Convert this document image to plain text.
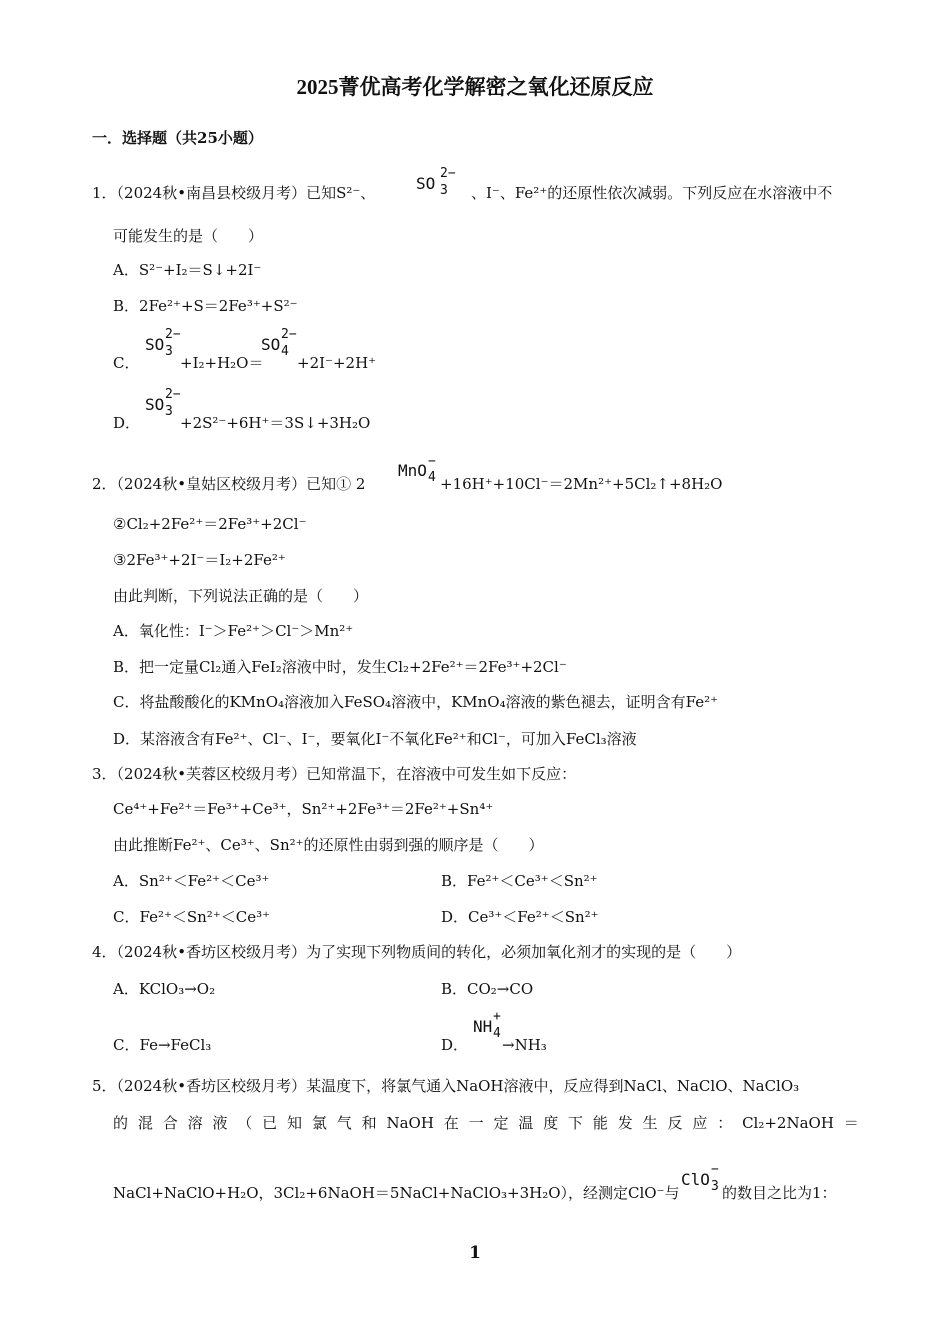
2025菁优高考化学解密之氧化还原反应
一．选择题（共25小题）
1．（2024秋•南昌县校级月考）已知S²⁻、	SO
2−
3 、I⁻、Fe²⁺的还原性依次减弱。下列反应在水溶液中不
可能发生的是（　　）
A．S²⁻+I₂＝S↓+2I⁻
B．2Fe²⁺+S＝2Fe³⁺+S²⁻
C．
SO
2−
3
+I₂+H₂O＝
SO
2−
4
+2I⁻+2H⁺
D．
SO
2−
3
+2S²⁻+6H⁺＝3S↓+3H₂O
2．（2024秋•皇姑区校级月考）已知① 2
MnO −
4 +16H⁺+10Cl⁻＝2Mn²⁺+5Cl₂↑+8H₂O
②Cl₂+2Fe²⁺＝2Fe³⁺+2Cl⁻
③2Fe³⁺+2I⁻＝I₂+2Fe²⁺
由此判断，下列说法正确的是（　　）
A．氧化性：I⁻＞Fe²⁺＞Cl⁻＞Mn²⁺
B．把一定量Cl₂通入FeI₂溶液中时，发生Cl₂+2Fe²⁺＝2Fe³⁺+2Cl⁻
C．将盐酸酸化的KMnO₄溶液加入FeSO₄溶液中，KMnO₄溶液的紫色褪去，证明含有Fe²⁺
D．某溶液含有Fe²⁺、Cl⁻、I⁻，要氧化I⁻不氧化Fe²⁺和Cl⁻，可加入FeCl₃溶液
3．（2024秋•芙蓉区校级月考）已知常温下，在溶液中可发生如下反应：
Ce⁴⁺+Fe²⁺＝Fe³⁺+Ce³⁺，Sn²⁺+2Fe³⁺＝2Fe²⁺+Sn⁴⁺
由此推断Fe²⁺、Ce³⁺、Sn²⁺的还原性由弱到强的顺序是（　　）
A．Sn²⁺＜Fe²⁺＜Ce³⁺	B．Fe²⁺＜Ce³⁺＜Sn²⁺
C．Fe²⁺＜Sn²⁺＜Ce³⁺	D．Ce³⁺＜Fe²⁺＜Sn²⁺
4．（2024秋•香坊区校级月考）为了实现下列物质间的转化，必须加氧化剂才的实现的是（　　）
A．KClO₃→O₂	B．CO₂→CO
C．Fe→FeCl₃	D．
NH
+
4
→NH₃
5．（2024秋•香坊区校级月考）某温度下，将氯气通入NaOH溶液中，反应得到NaCl、NaClO、NaClO₃
的 混 合 溶 液 （ 已 知 氯 气 和 NaOH 在 一 定 温 度 下 能 发 生 反 应 ： Cl₂+2NaOH ＝
NaCl+NaClO+H₂O，3Cl₂+6NaOH＝5NaCl+NaClO₃+3H₂O），经测定ClO⁻与
ClO
−
3 的数目之比为1：
1
